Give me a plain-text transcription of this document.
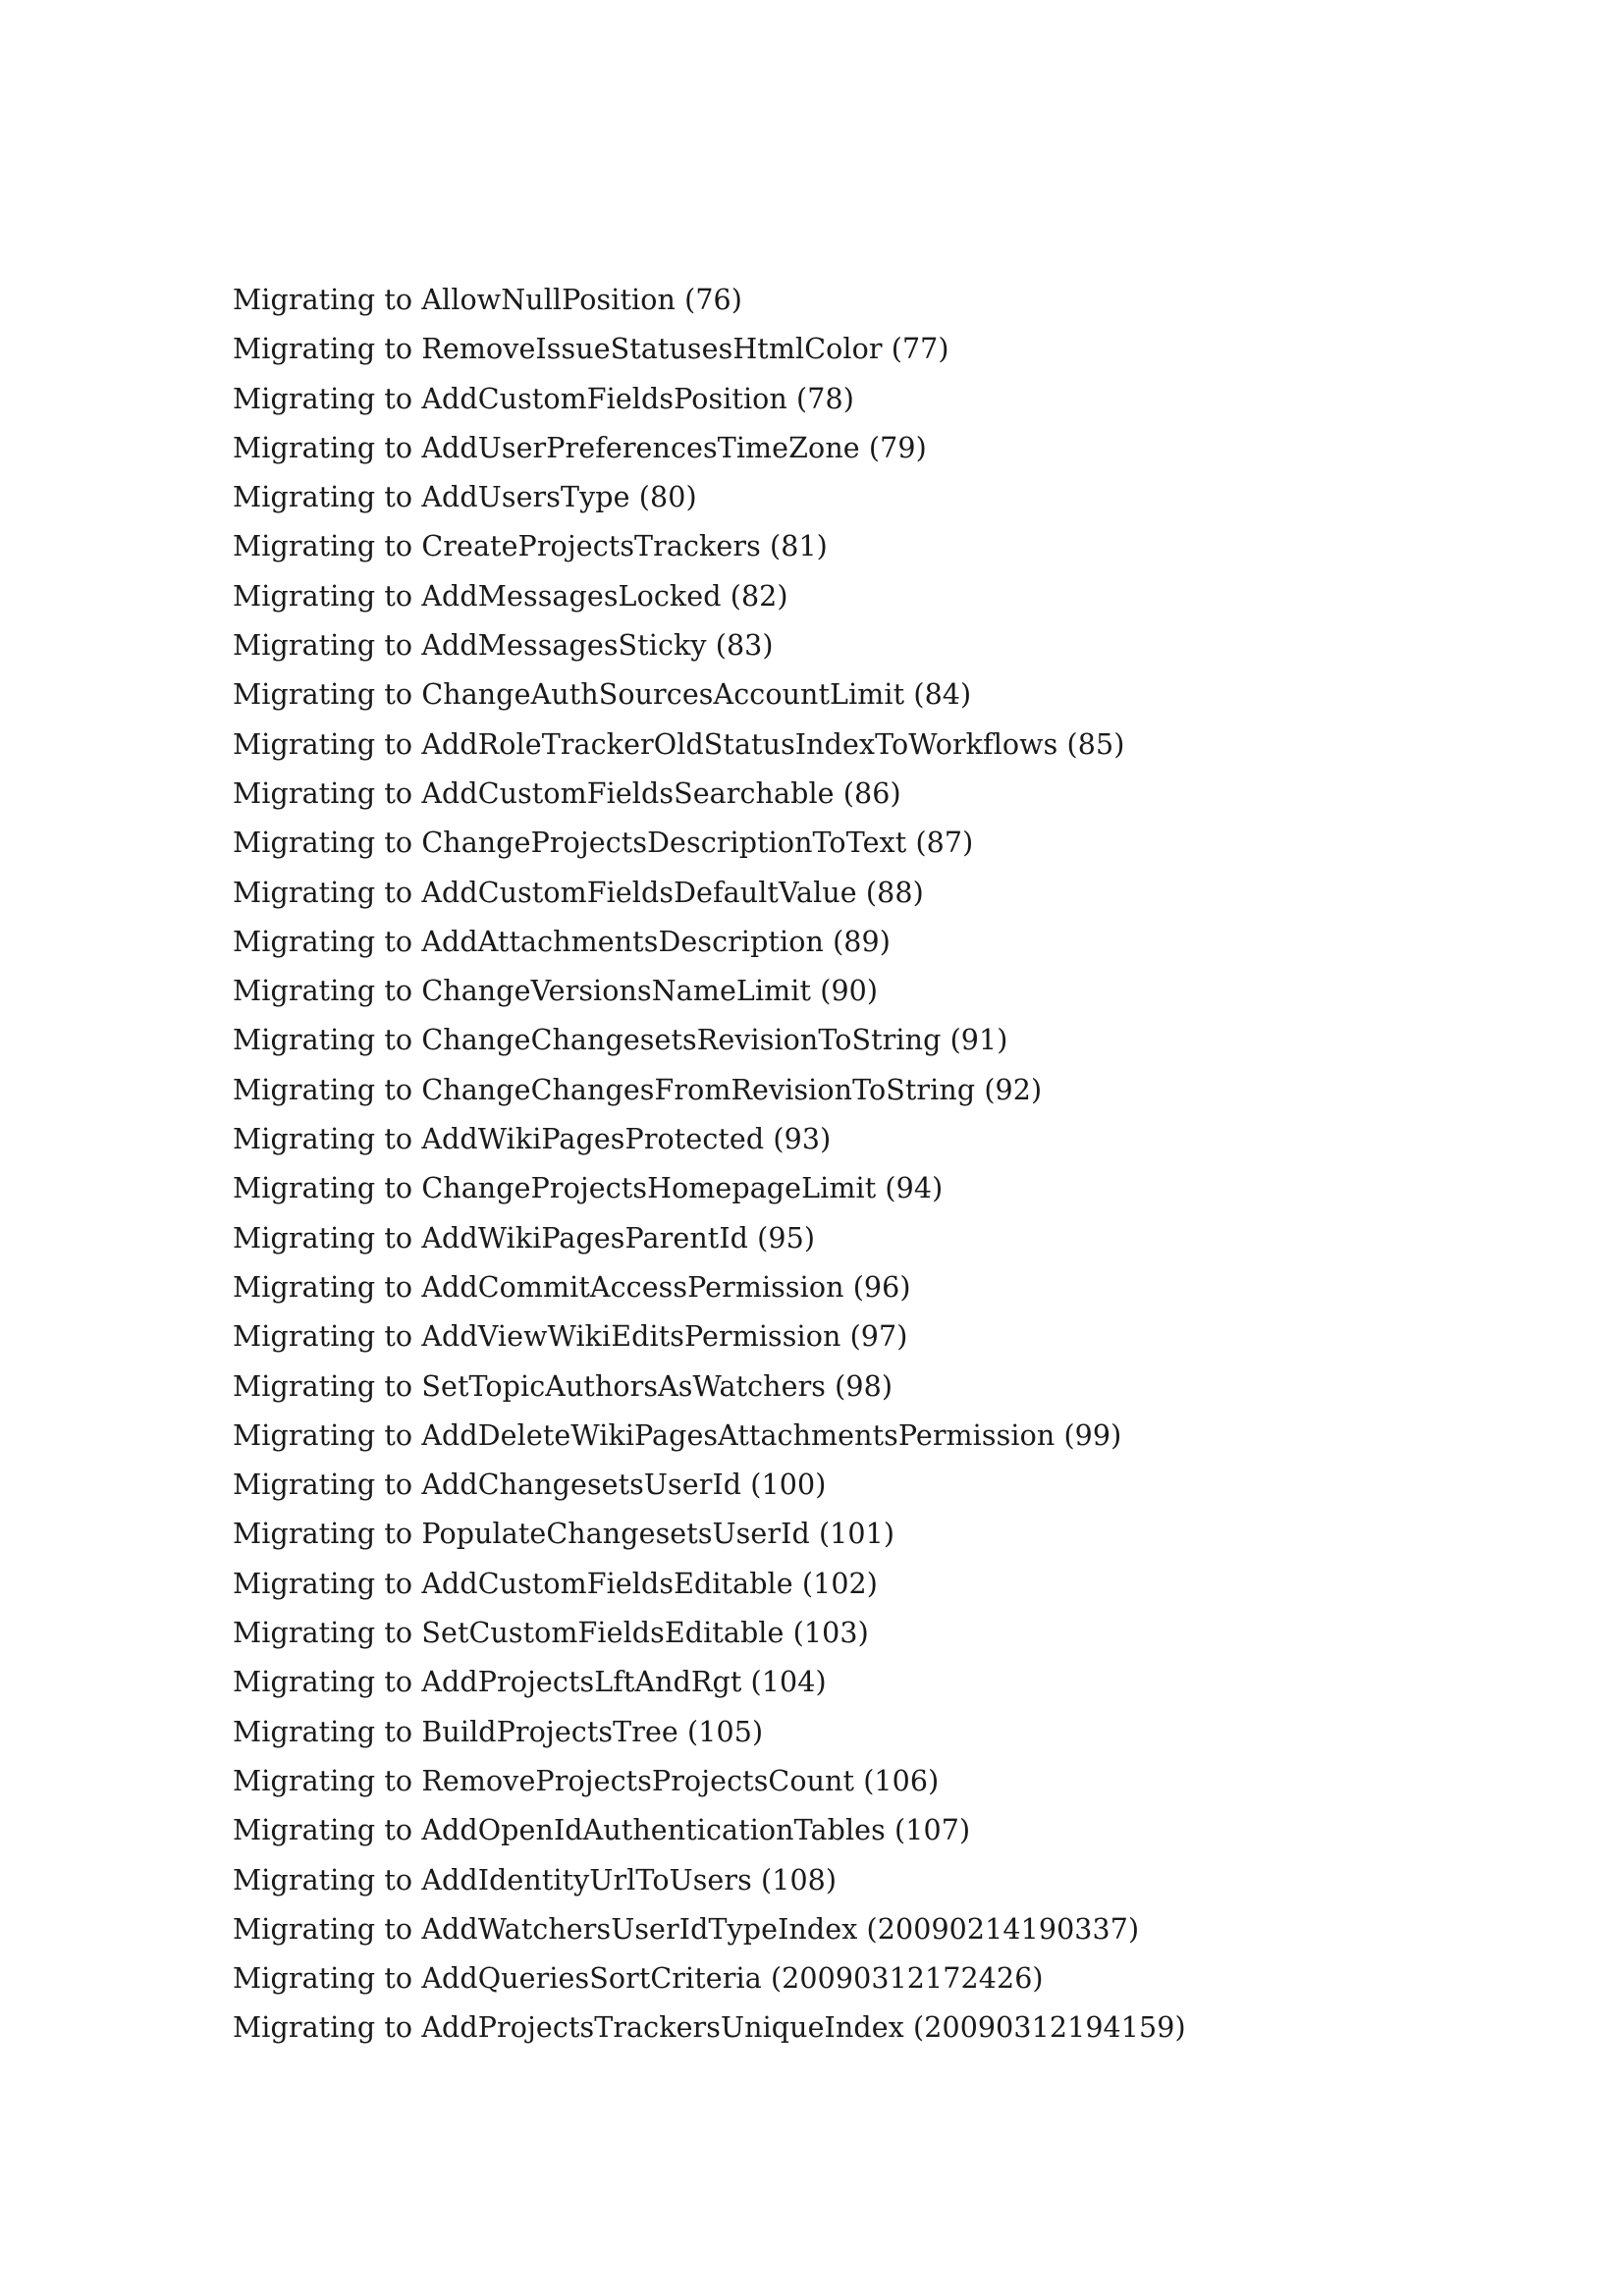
Migrating to AllowNullPosition (76)
Migrating to RemoveIssueStatusesHtmlColor (77)
Migrating to AddCustomFieldsPosition (78)
Migrating to AddUserPreferencesTimeZone (79)
Migrating to AddUsersType (80)
Migrating to CreateProjectsTrackers (81)
Migrating to AddMessagesLocked (82)
Migrating to AddMessagesSticky (83)
Migrating to ChangeAuthSourcesAccountLimit (84)
Migrating to AddRoleTrackerOldStatusIndexToWorkflows (85)
Migrating to AddCustomFieldsSearchable (86)
Migrating to ChangeProjectsDescriptionToText (87)
Migrating to AddCustomFieldsDefaultValue (88)
Migrating to AddAttachmentsDescription (89)
Migrating to ChangeVersionsNameLimit (90)
Migrating to ChangeChangesetsRevisionToString (91)
Migrating to ChangeChangesFromRevisionToString (92)
Migrating to AddWikiPagesProtected (93)
Migrating to ChangeProjectsHomepageLimit (94)
Migrating to AddWikiPagesParentId (95)
Migrating to AddCommitAccessPermission (96)
Migrating to AddViewWikiEditsPermission (97)
Migrating to SetTopicAuthorsAsWatchers (98)
Migrating to AddDeleteWikiPagesAttachmentsPermission (99)
Migrating to AddChangesetsUserId (100)
Migrating to PopulateChangesetsUserId (101)
Migrating to AddCustomFieldsEditable (102)
Migrating to SetCustomFieldsEditable (103)
Migrating to AddProjectsLftAndRgt (104)
Migrating to BuildProjectsTree (105)
Migrating to RemoveProjectsProjectsCount (106)
Migrating to AddOpenIdAuthenticationTables (107)
Migrating to AddIdentityUrlToUsers (108)
Migrating to AddWatchersUserIdTypeIndex (20090214190337)
Migrating to AddQueriesSortCriteria (20090312172426)
Migrating to AddProjectsTrackersUniqueIndex (20090312194159)
